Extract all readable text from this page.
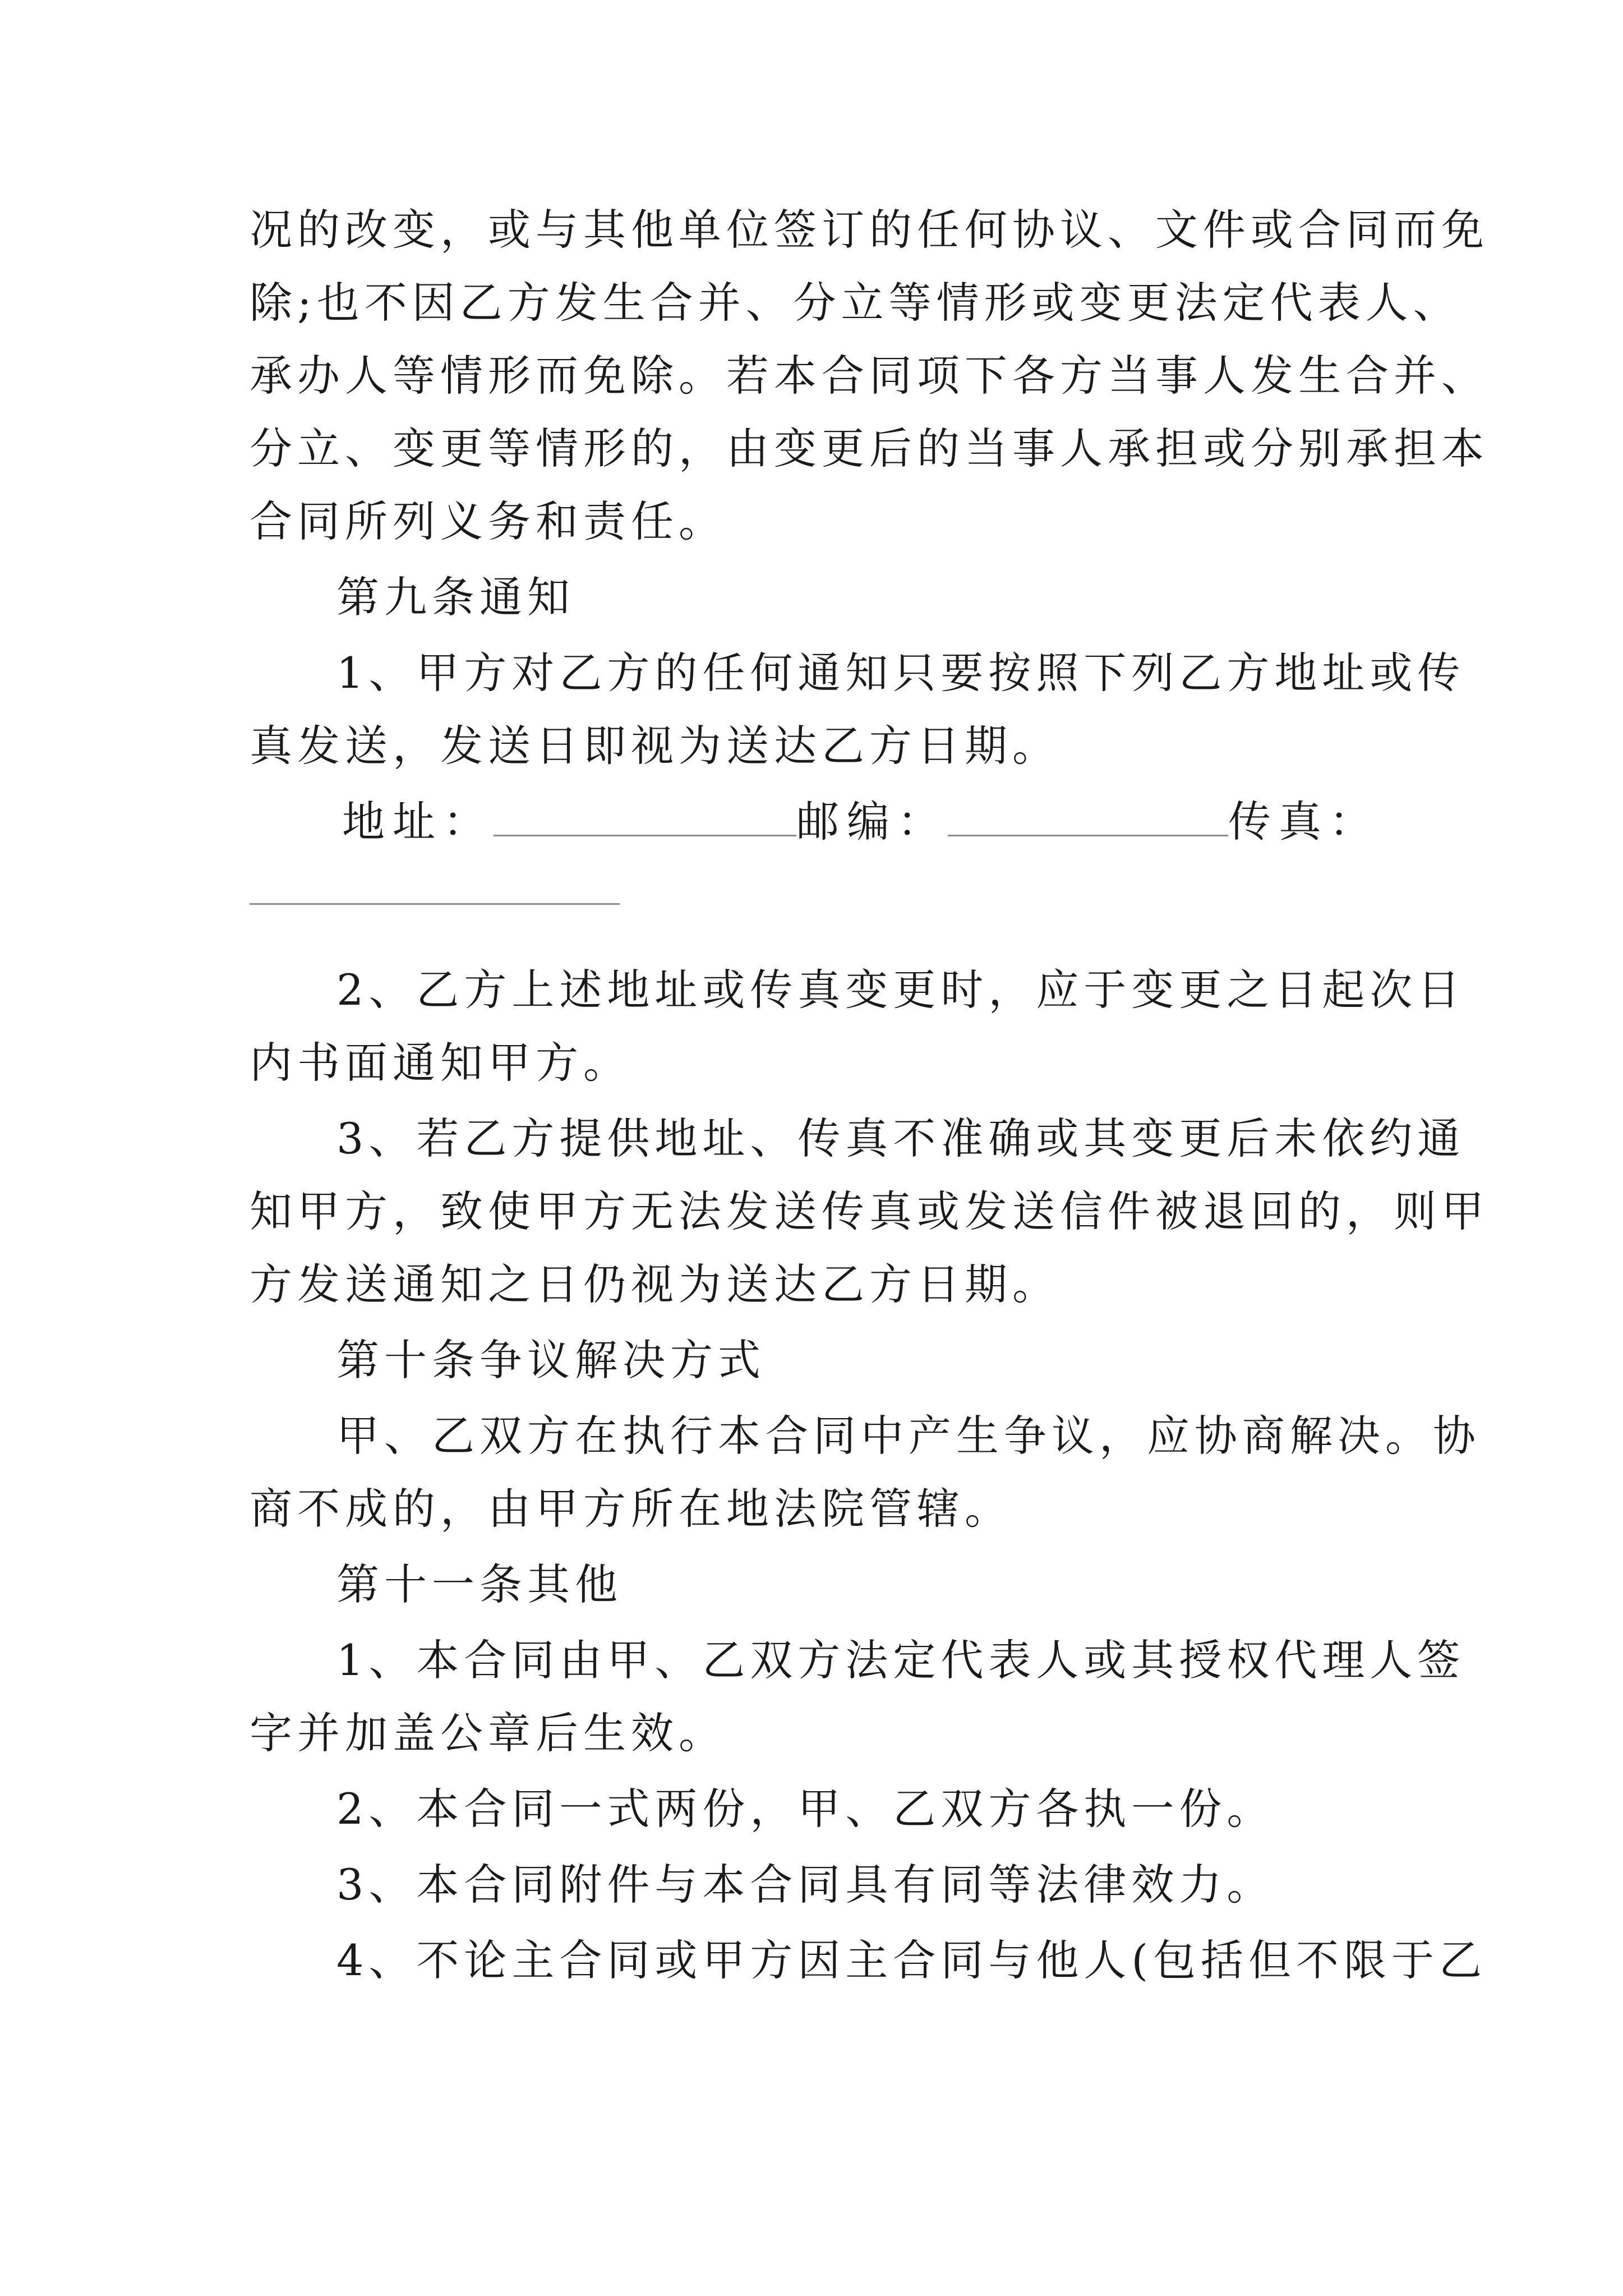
况的改变，或与其他单位签订的任何协议、文件或合同而免
除;也不因乙方发生合并、分立等情形或变更法定代表人、
承办人等情形而免除。若本合同项下各方当事人发生合并、
分立、变更等情形的，由变更后的当事人承担或分别承担本
合同所列义务和责任。
第九条通知
1、甲方对乙方的任何通知只要按照下列乙方地址或传
真发送，发送日即视为送达乙方日期。
地址：	邮编：	传真：
2、乙方上述地址或传真变更时，应于变更之日起次日
内书面通知甲方。
3、若乙方提供地址、传真不准确或其变更后未依约通
知甲方，致使甲方无法发送传真或发送信件被退回的，则甲
方发送通知之日仍视为送达乙方日期。
第十条争议解决方式
甲、乙双方在执行本合同中产生争议，应协商解决。协
商不成的，由甲方所在地法院管辖。
第十一条其他
1、本合同由甲、乙双方法定代表人或其授权代理人签
字并加盖公章后生效。
2、本合同一式两份，甲、乙双方各执一份。
3、本合同附件与本合同具有同等法律效力。
4、不论主合同或甲方因主合同与他人(包括但不限于乙
